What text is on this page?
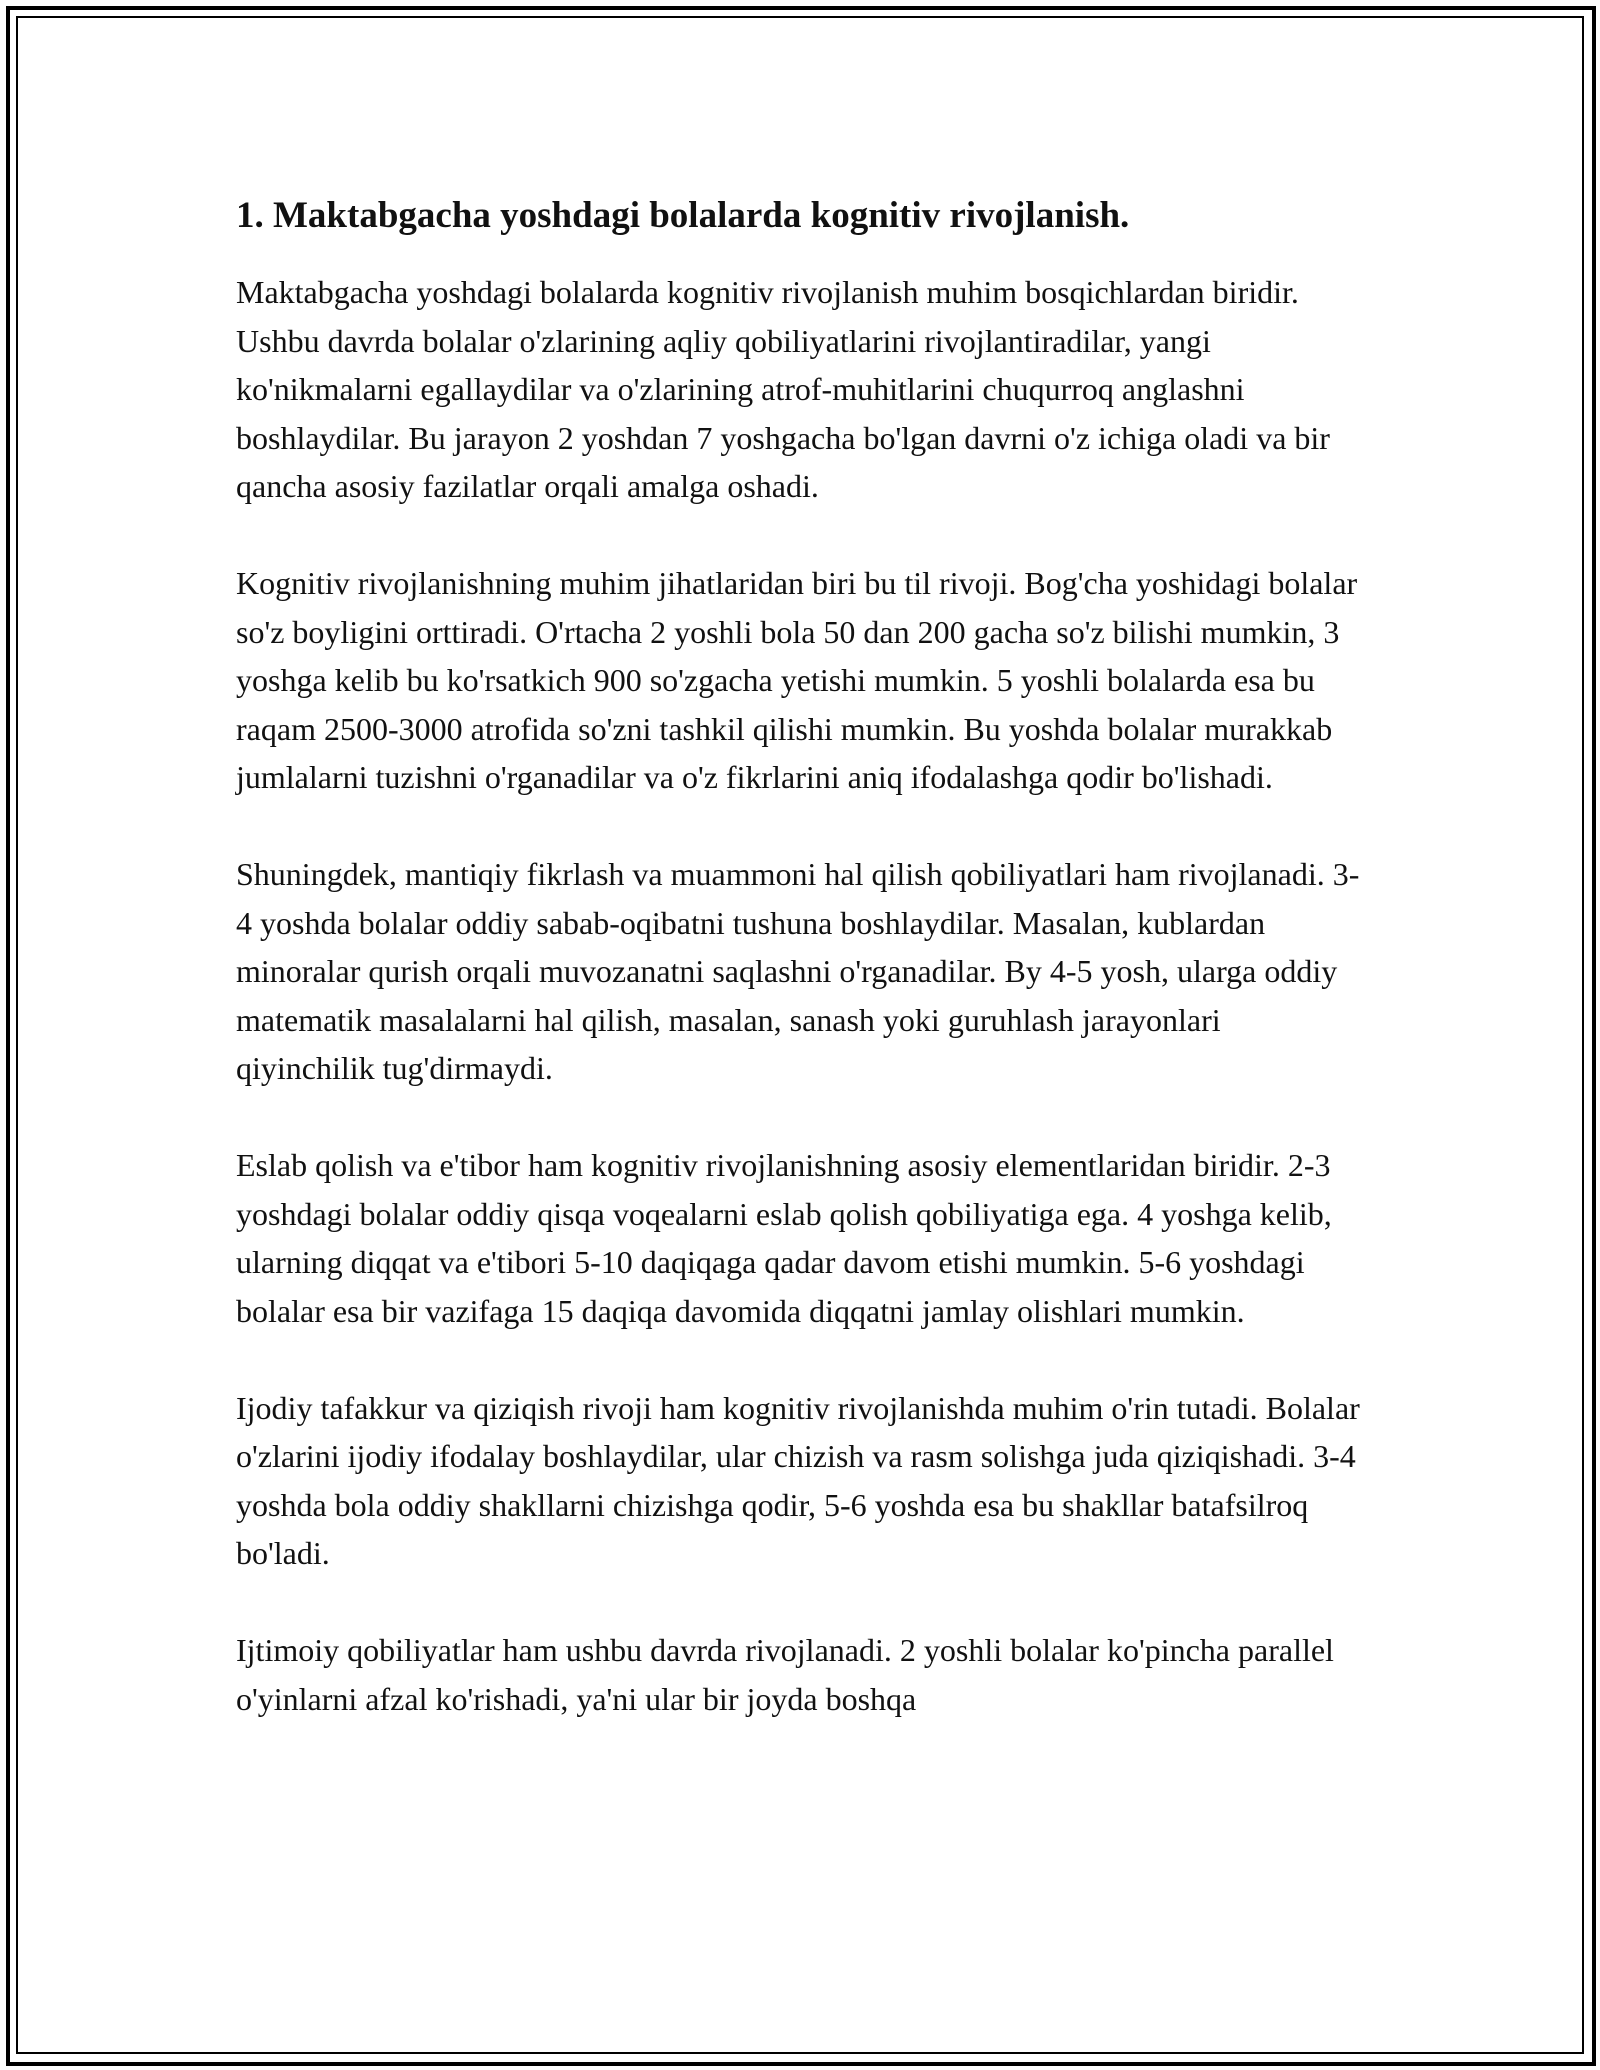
1. Maktabgacha yoshdagi bolalarda kognitiv rivojlanish.

Maktabgacha yoshdagi bolalarda kognitiv rivojlanish muhim bosqichlardan biridir. Ushbu davrda bolalar o'zlarining aqliy qobiliyatlarini rivojlantiradilar, yangi ko'nikmalarni egallaydilar va o'zlarining atrof-muhitlarini chuqurroq anglashni boshlaydilar. Bu jarayon 2 yoshdan 7 yoshgacha bo'lgan davrni o'z ichiga oladi va bir qancha asosiy fazilatlar orqali amalga oshadi.

Kognitiv rivojlanishning muhim jihatlaridan biri bu til rivoji. Bog'cha yoshidagi bolalar so'z boyligini orttiradi. O'rtacha 2 yoshli bola 50 dan 200 gacha so'z bilishi mumkin, 3 yoshga kelib bu ko'rsatkich 900 so'zgacha yetishi mumkin. 5 yoshli bolalarda esa bu raqam 2500-3000 atrofida so'zni tashkil qilishi mumkin. Bu yoshda bolalar murakkab jumlalarni tuzishni o'rganadilar va o'z fikrlarini aniq ifodalashga qodir bo'lishadi.

Shuningdek, mantiqiy fikrlash va muammoni hal qilish qobiliyatlari ham rivojlanadi. 3-4 yoshda bolalar oddiy sabab-oqibatni tushuna boshlaydilar. Masalan, kublardan minoralar qurish orqali muvozanatni saqlashni o'rganadilar. By 4-5 yosh, ularga oddiy matematik masalalarni hal qilish, masalan, sanash yoki guruhlash jarayonlari qiyinchilik tug'dirmaydi.

Eslab qolish va e'tibor ham kognitiv rivojlanishning asosiy elementlaridan biridir. 2-3 yoshdagi bolalar oddiy qisqa voqealarni eslab qolish qobiliyatiga ega. 4 yoshga kelib, ularning diqqat va e'tibori 5-10 daqiqaga qadar davom etishi mumkin. 5-6 yoshdagi bolalar esa bir vazifaga 15 daqiqa davomida diqqatni jamlay olishlari mumkin.

Ijodiy tafakkur va qiziqish rivoji ham kognitiv rivojlanishda muhim o'rin tutadi. Bolalar o'zlarini ijodiy ifodalay boshlaydilar, ular chizish va rasm solishga juda qiziqishadi. 3-4 yoshda bola oddiy shakllarni chizishga qodir, 5-6 yoshda esa bu shakllar batafsilroq bo'ladi.

Ijtimoiy qobiliyatlar ham ushbu davrda rivojlanadi. 2 yoshli bolalar ko'pincha parallel o'yinlarni afzal ko'rishadi, ya'ni ular bir joyda boshqa
